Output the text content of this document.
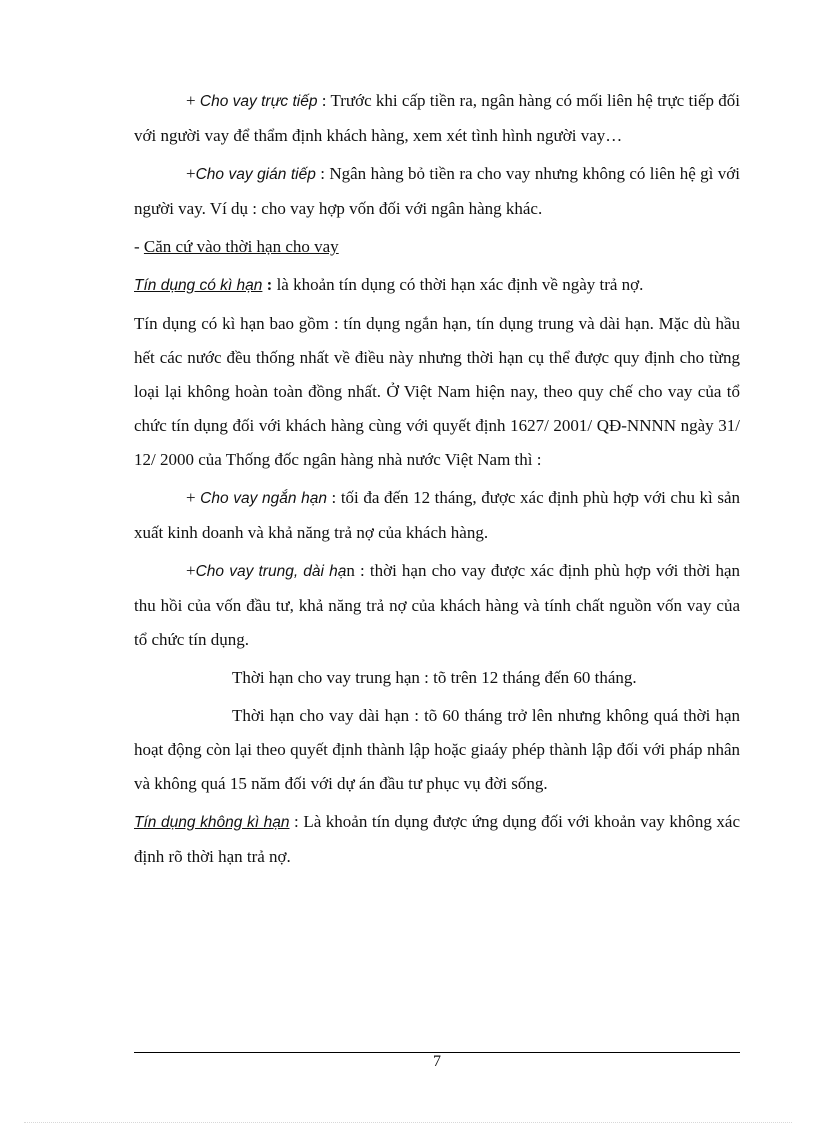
+ Cho vay trực tiếp : Trước khi cấp tiền ra, ngân hàng có mối liên hệ trực tiếp đối với người vay để thẩm định khách hàng, xem xét tình hình người vay…

+Cho vay gián tiếp : Ngân hàng bỏ tiền ra cho vay nhưng không có liên hệ gì với người vay. Ví dụ : cho vay hợp vốn đối với ngân hàng khác.

- Căn cứ vào thời hạn cho vay

Tín dụng có kì hạn : là khoản tín dụng có thời hạn xác định về ngày trả nợ.

Tín dụng có kì hạn bao gồm : tín dụng ngắn hạn, tín dụng trung và dài hạn. Mặc dù hầu hết các nước đều thống nhất về điều này nhưng thời hạn cụ thể được quy định cho từng loại lại không hoàn toàn đồng nhất. Ở Việt Nam hiện nay, theo quy chế cho vay của tổ chức tín dụng đối với khách hàng cùng với quyết định 1627/ 2001/ QĐ-NNNN ngày 31/ 12/ 2000 của Thống đốc ngân hàng nhà nước Việt Nam thì :

+ Cho vay ngắn hạn : tối đa đến 12 tháng, được xác định phù hợp với chu kì sản xuất kinh doanh và khả năng trả nợ của khách hàng.

+Cho vay trung, dài hạn : thời hạn cho vay được xác định phù hợp với thời hạn thu hồi của vốn đầu tư, khả năng trả nợ của khách hàng và tính chất nguồn vốn vay của tổ chức tín dụng.

Thời hạn cho vay trung hạn : tõ trên 12 tháng đến 60 tháng.

Thời hạn cho vay dài hạn : tõ 60 tháng trở lên nhưng không quá thời hạn hoạt động còn lại theo quyết định thành lập hoặc giaáy phép thành lập đối với pháp nhân và không quá 15 năm đối với dự án đầu tư phục vụ đời sống.

Tín dụng không kì hạn : Là khoản tín dụng được ứng dụng đối với khoản vay không xác định rõ thời hạn trả nợ.

7
